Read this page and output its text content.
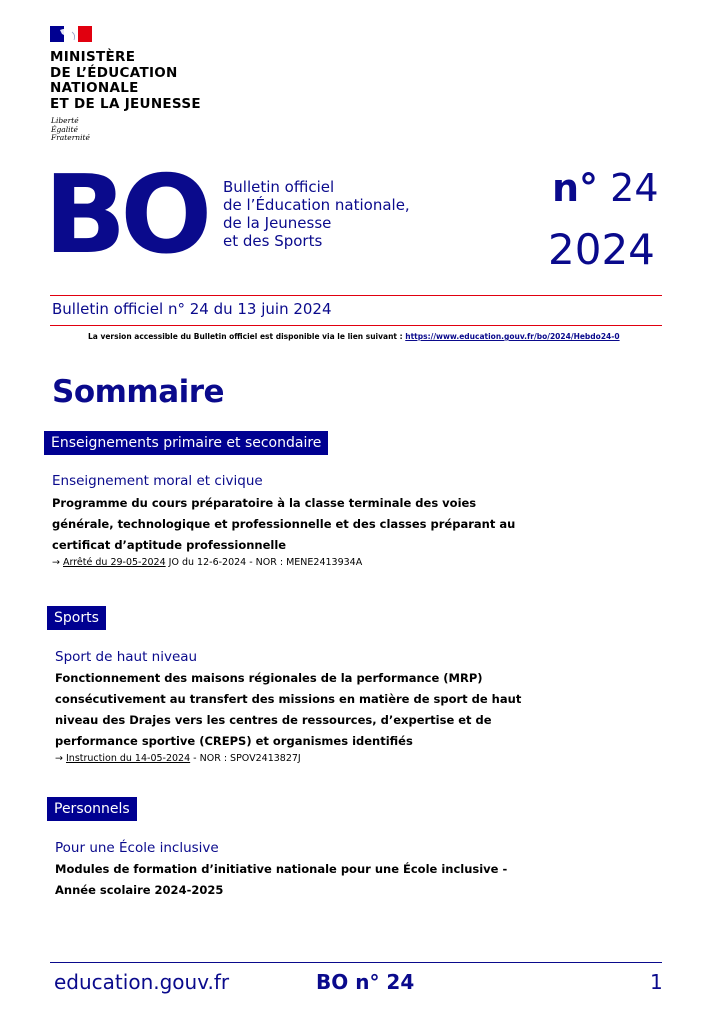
MINISTÈRE
DE L’ÉDUCATION
NATIONALE
ET DE LA JEUNESSE
Liberté
Égalité
Fraternité
BO Bulletin officiel
de l’Éducation nationale,
de la Jeunesse
et des Sports
n° 24
2024
Bulletin officiel n° 24 du 13 juin 2024
La version accessible du Bulletin officiel est disponible via le lien suivant : https://www.education.gouv.fr/bo/2024/Hebdo24-0
Sommaire
Enseignements primaire et secondaire
Enseignement moral et civique
Programme du cours préparatoire à la classe terminale des voies générale, technologique et professionnelle et des classes préparant au certificat d’aptitude professionnelle
→ Arrêté du 29-05-2024 JO du 12-6-2024 - NOR : MENE2413934A
Sports
Sport de haut niveau
Fonctionnement des maisons régionales de la performance (MRP) consécutivement au transfert des missions en matière de sport de haut niveau des Drajes vers les centres de ressources, d’expertise et de performance sportive (CREPS) et organismes identifiés
→ Instruction du 14-05-2024 - NOR : SPOV2413827J
Personnels
Pour une École inclusive
Modules de formation d’initiative nationale pour une École inclusive - Année scolaire 2024-2025
education.gouv.fr	BO n° 24	1
